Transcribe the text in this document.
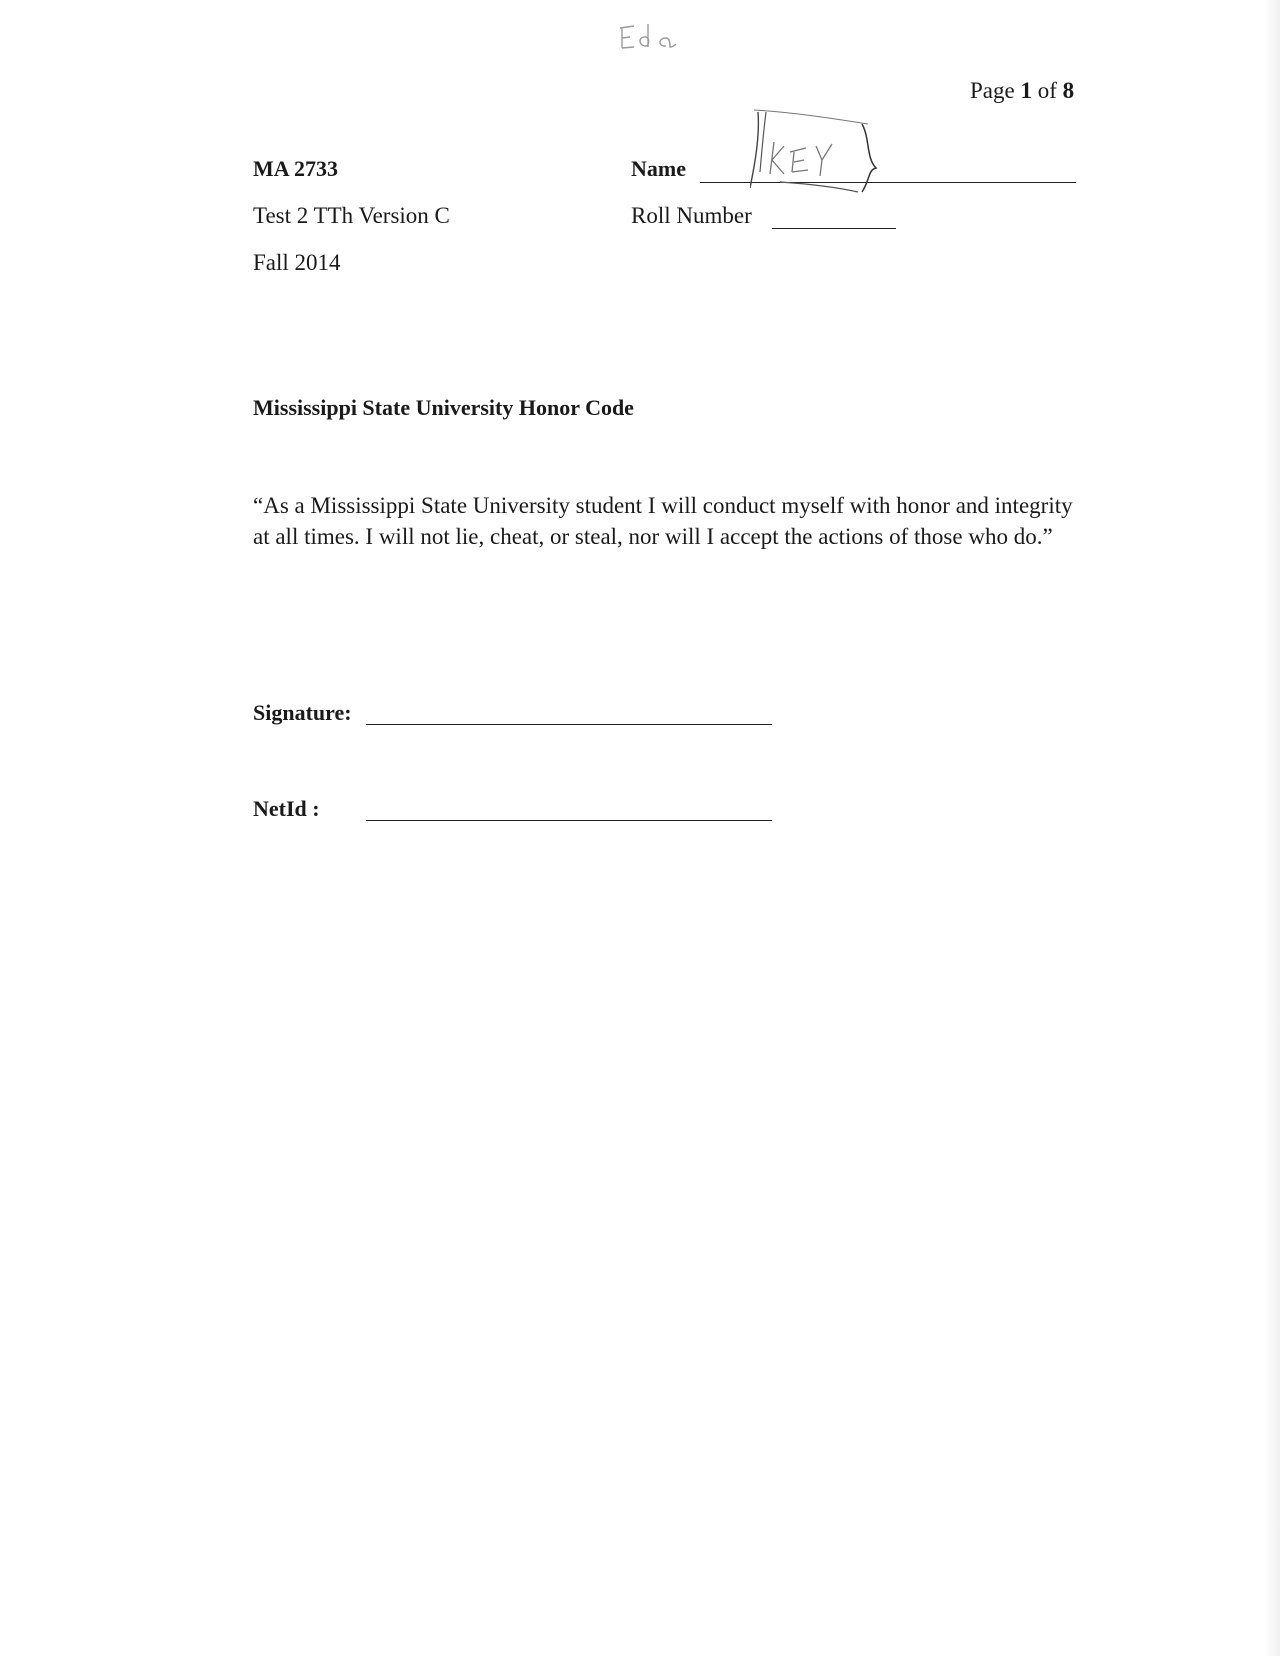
Page 1 of 8
MA 2733
Test 2 TTh Version C
Fall 2014
Name
Roll Number
Mississippi State University Honor Code

“As a Mississippi State University student I will conduct myself with honor and integrity at all times. I will not lie, cheat, or steal, nor will I accept the actions of those who do.”

Signature:
NetId :
